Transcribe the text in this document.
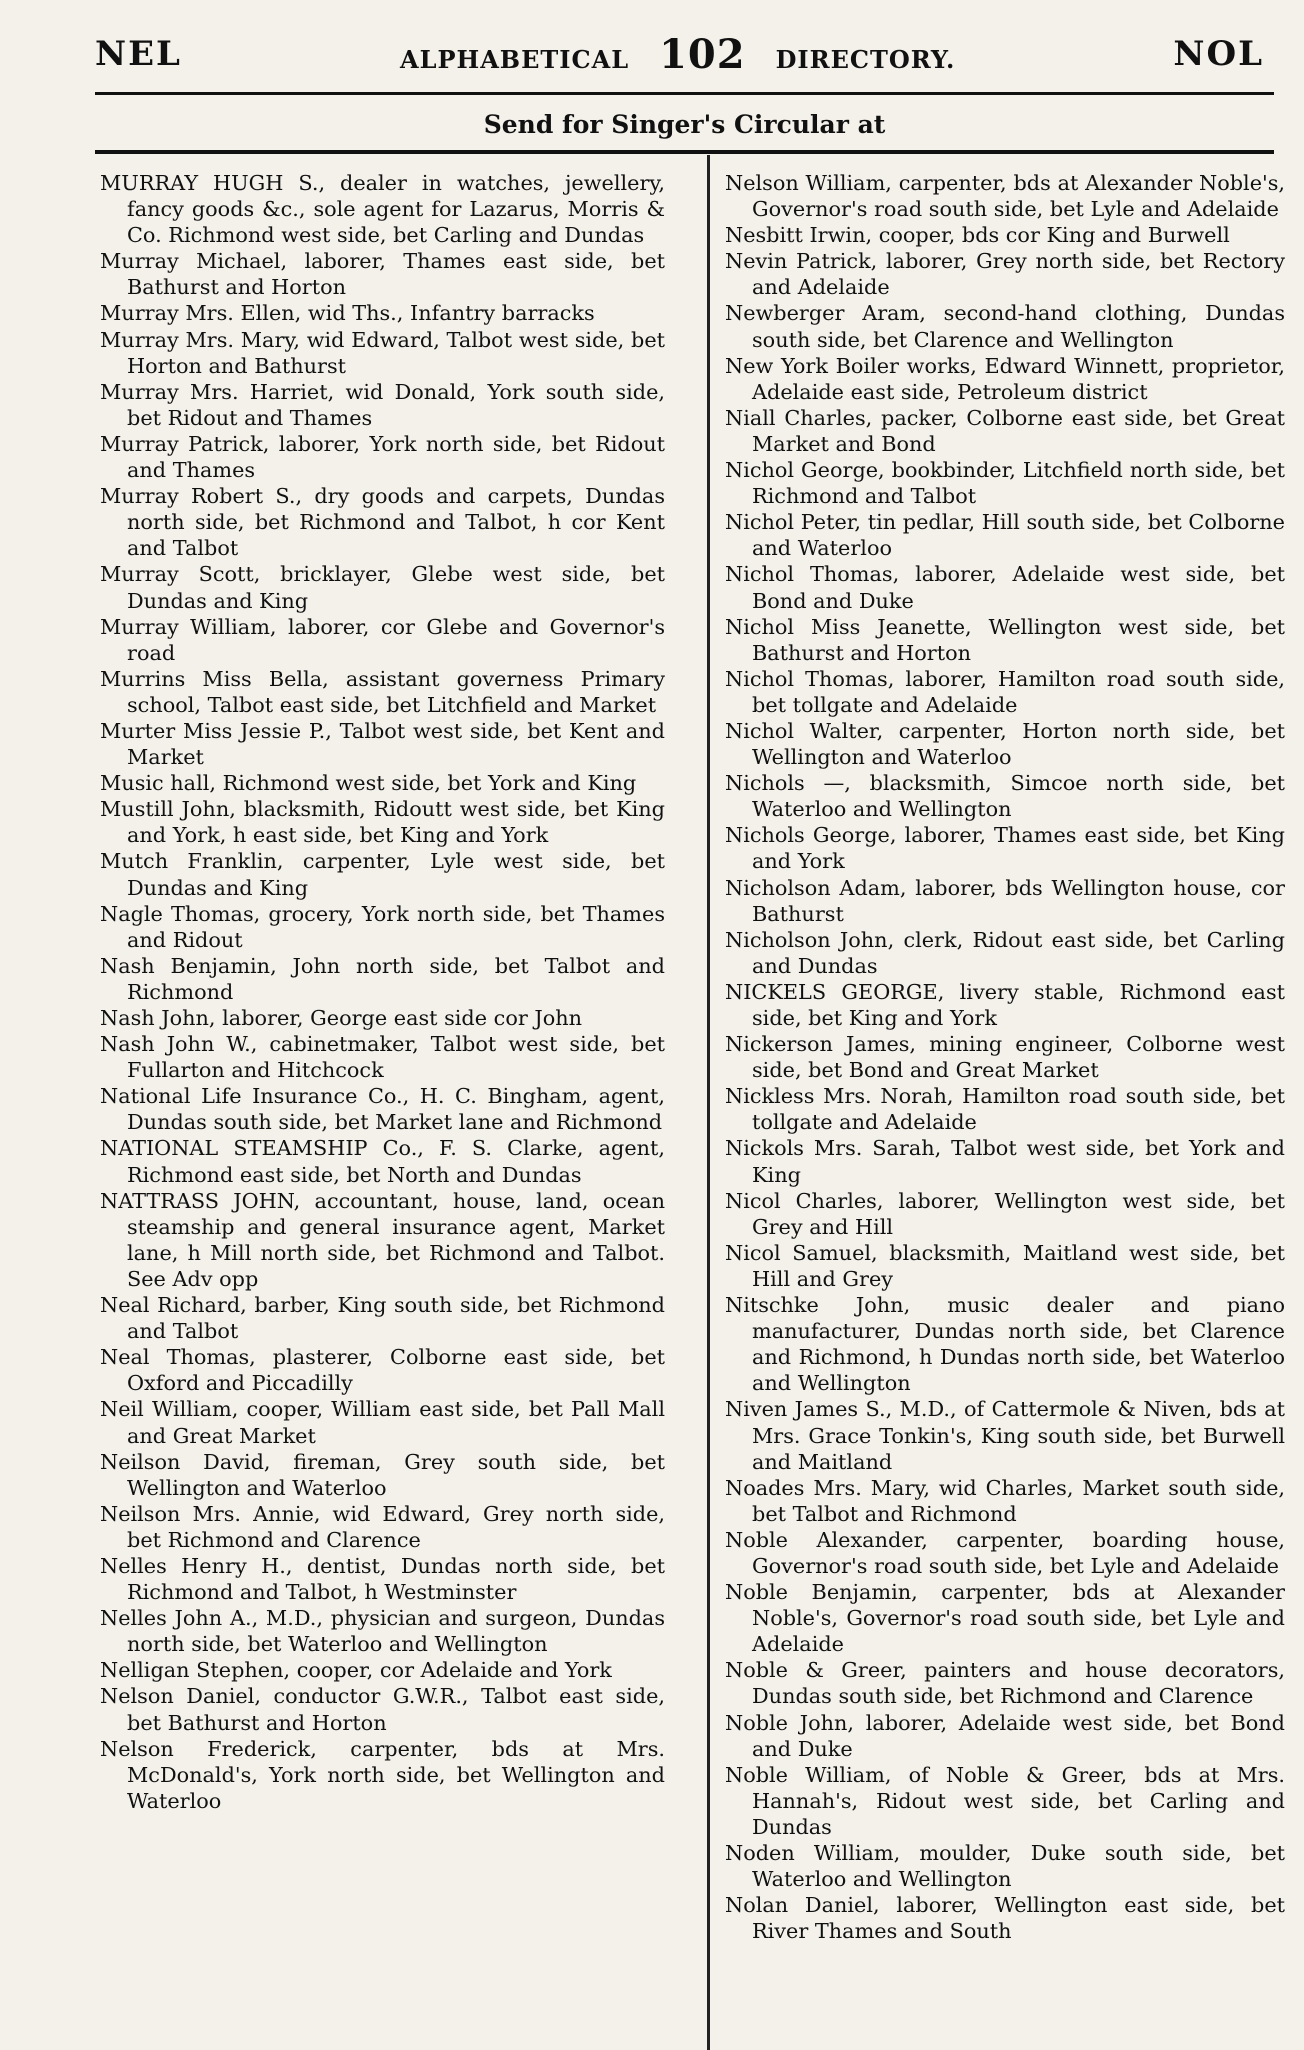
NEL	ALPHABETICAL 102 DIRECTORY.	NOL
Send for Singer's Circular at

MURRAY HUGH S., dealer in watches, jewellery, fancy goods &c., sole agent for Lazarus, Morris & Co. Richmond west side, bet Carling and Dundas

Murray Michael, laborer, Thames east side, bet Bathurst and Horton

Murray Mrs. Ellen, wid Ths., Infantry barracks

Murray Mrs. Mary, wid Edward, Talbot west side, bet Horton and Bathurst

Murray Mrs. Harriet, wid Donald, York south side, bet Ridout and Thames

Murray Patrick, laborer, York north side, bet Ridout and Thames

Murray Robert S., dry goods and carpets, Dundas north side, bet Richmond and Talbot, h cor Kent and Talbot

Murray Scott, bricklayer, Glebe west side, bet Dundas and King

Murray William, laborer, cor Glebe and Governor's road

Murrins Miss Bella, assistant governess Primary school, Talbot east side, bet Litchfield and Market

Murter Miss Jessie P., Talbot west side, bet Kent and Market

Music hall, Richmond west side, bet York and King

Mustill John, blacksmith, Ridoutt west side, bet King and York, h east side, bet King and York

Mutch Franklin, carpenter, Lyle west side, bet Dundas and King

Nagle Thomas, grocery, York north side, bet Thames and Ridout

Nash Benjamin, John north side, bet Talbot and Richmond

Nash John, laborer, George east side cor John

Nash John W., cabinetmaker, Talbot west side, bet Fullarton and Hitchcock

National Life Insurance Co., H. C. Bingham, agent, Dundas south side, bet Market lane and Richmond

NATIONAL STEAMSHIP Co., F. S. Clarke, agent, Richmond east side, bet North and Dundas

NATTRASS JOHN, accountant, house, land, ocean steamship and general insurance agent, Market lane, h Mill north side, bet Richmond and Talbot. See Adv opp

Neal Richard, barber, King south side, bet Richmond and Talbot

Neal Thomas, plasterer, Colborne east side, bet Oxford and Piccadilly

Neil William, cooper, William east side, bet Pall Mall and Great Market

Neilson David, fireman, Grey south side, bet Wellington and Waterloo

Neilson Mrs. Annie, wid Edward, Grey north side, bet Richmond and Clarence

Nelles Henry H., dentist, Dundas north side, bet Richmond and Talbot, h Westminster

Nelles John A., M.D., physician and surgeon, Dundas north side, bet Waterloo and Wellington

Nelligan Stephen, cooper, cor Adelaide and York

Nelson Daniel, conductor G.W.R., Talbot east side, bet Bathurst and Horton

Nelson Frederick, carpenter, bds at Mrs. McDonald's, York north side, bet Wellington and Waterloo

Nelson William, carpenter, bds at Alexander Noble's, Governor's road south side, bet Lyle and Adelaide

Nesbitt Irwin, cooper, bds cor King and Burwell

Nevin Patrick, laborer, Grey north side, bet Rectory and Adelaide

Newberger Aram, second-hand clothing, Dundas south side, bet Clarence and Wellington

New York Boiler works, Edward Winnett, proprietor, Adelaide east side, Petroleum district

Niall Charles, packer, Colborne east side, bet Great Market and Bond

Nichol George, bookbinder, Litchfield north side, bet Richmond and Talbot

Nichol Peter, tin pedlar, Hill south side, bet Colborne and Waterloo

Nichol Thomas, laborer, Adelaide west side, bet Bond and Duke

Nichol Miss Jeanette, Wellington west side, bet Bathurst and Horton

Nichol Thomas, laborer, Hamilton road south side, bet tollgate and Adelaide

Nichol Walter, carpenter, Horton north side, bet Wellington and Waterloo

Nichols —, blacksmith, Simcoe north side, bet Waterloo and Wellington

Nichols George, laborer, Thames east side, bet King and York

Nicholson Adam, laborer, bds Wellington house, cor Bathurst

Nicholson John, clerk, Ridout east side, bet Carling and Dundas

NICKELS GEORGE, livery stable, Richmond east side, bet King and York

Nickerson James, mining engineer, Colborne west side, bet Bond and Great Market

Nickless Mrs. Norah, Hamilton road south side, bet tollgate and Adelaide

Nickols Mrs. Sarah, Talbot west side, bet York and King

Nicol Charles, laborer, Wellington west side, bet Grey and Hill

Nicol Samuel, blacksmith, Maitland west side, bet Hill and Grey

Nitschke John, music dealer and piano manufacturer, Dundas north side, bet Clarence and Richmond, h Dundas north side, bet Waterloo and Wellington

Niven James S., M.D., of Cattermole & Niven, bds at Mrs. Grace Tonkin's, King south side, bet Burwell and Maitland

Noades Mrs. Mary, wid Charles, Market south side, bet Talbot and Richmond

Noble Alexander, carpenter, boarding house, Governor's road south side, bet Lyle and Adelaide

Noble Benjamin, carpenter, bds at Alexander Noble's, Governor's road south side, bet Lyle and Adelaide

Noble & Greer, painters and house decorators, Dundas south side, bet Richmond and Clarence

Noble John, laborer, Adelaide west side, bet Bond and Duke

Noble William, of Noble & Greer, bds at Mrs. Hannah's, Ridout west side, bet Carling and Dundas

Noden William, moulder, Duke south side, bet Waterloo and Wellington

Nolan Daniel, laborer, Wellington east side, bet River Thames and South
